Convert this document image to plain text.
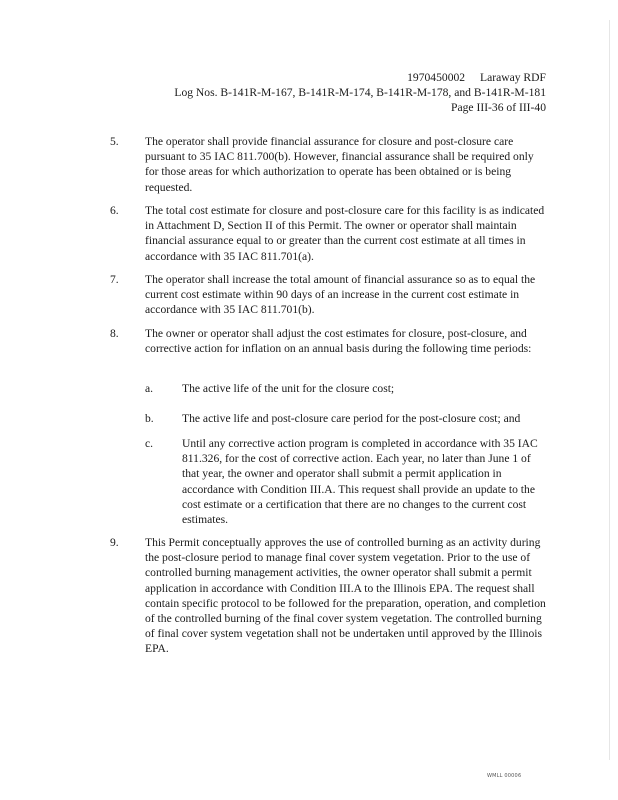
1970450002 Laraway RDF
Log Nos. B-141R-M-167, B-141R-M-174, B-141R-M-178, and B-141R-M-181
Page III-36 of III-40
5. The operator shall provide financial assurance for closure and post-closure care pursuant to 35 IAC 811.700(b). However, financial assurance shall be required only for those areas for which authorization to operate has been obtained or is being requested.
6. The total cost estimate for closure and post-closure care for this facility is as indicated in Attachment D, Section II of this Permit. The owner or operator shall maintain financial assurance equal to or greater than the current cost estimate at all times in accordance with 35 IAC 811.701(a).
7. The operator shall increase the total amount of financial assurance so as to equal the current cost estimate within 90 days of an increase in the current cost estimate in accordance with 35 IAC 811.701(b).
8. The owner or operator shall adjust the cost estimates for closure, post-closure, and corrective action for inflation on an annual basis during the following time periods:
a. The active life of the unit for the closure cost;
b. The active life and post-closure care period for the post-closure cost; and
c. Until any corrective action program is completed in accordance with 35 IAC 811.326, for the cost of corrective action. Each year, no later than June 1 of that year, the owner and operator shall submit a permit application in accordance with Condition III.A. This request shall provide an update to the cost estimate or a certification that there are no changes to the current cost estimates.
9. This Permit conceptually approves the use of controlled burning as an activity during the post-closure period to manage final cover system vegetation. Prior to the use of controlled burning management activities, the owner operator shall submit a permit application in accordance with Condition III.A to the Illinois EPA. The request shall contain specific protocol to be followed for the preparation, operation, and completion of the controlled burning of the final cover system vegetation. The controlled burning of final cover system vegetation shall not be undertaken until approved by the Illinois EPA.
WMLL 00006
